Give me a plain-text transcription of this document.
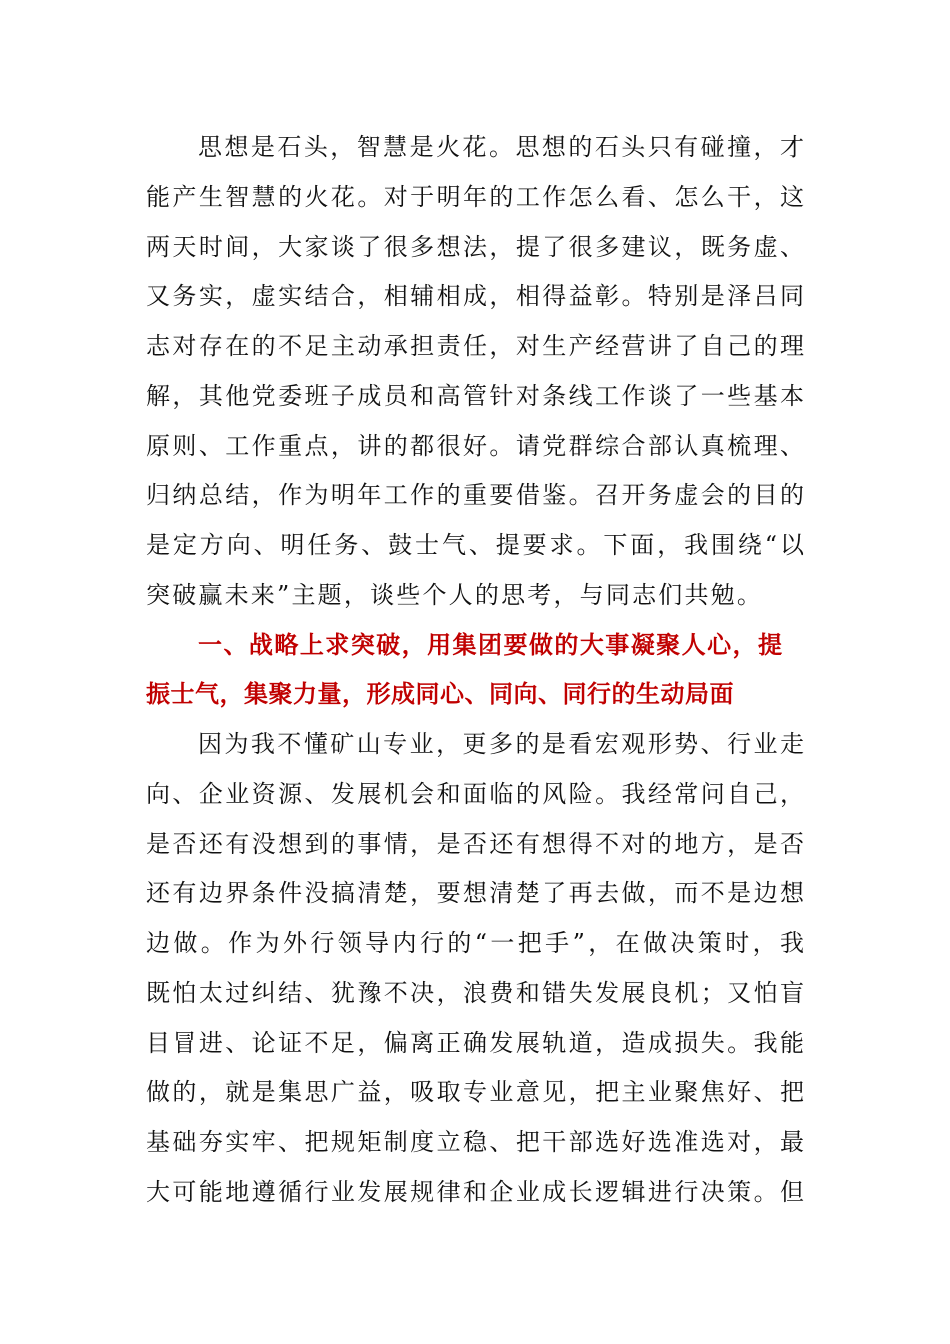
思想是石头，智慧是火花。思想的石头只有碰撞，才
能产生智慧的火花。对于明年的工作怎么看、怎么干，这
两天时间，大家谈了很多想法，提了很多建议，既务虚、
又务实，虚实结合，相辅相成，相得益彰。特别是泽吕同
志对存在的不足主动承担责任，对生产经营讲了自己的理
解，其他党委班子成员和高管针对条线工作谈了一些基本
原则、工作重点，讲的都很好。请党群综合部认真梳理、
归纳总结，作为明年工作的重要借鉴。召开务虚会的目的
是定方向、明任务、鼓士气、提要求。下面，我围绕“以
突破赢未来”主题，谈些个人的思考，与同志们共勉。
一、战略上求突破，用集团要做的大事凝聚人心，提
振士气，集聚力量，形成同心、同向、同行的生动局面
因为我不懂矿山专业，更多的是看宏观形势、行业走
向、企业资源、发展机会和面临的风险。我经常问自己，
是否还有没想到的事情，是否还有想得不对的地方，是否
还有边界条件没搞清楚，要想清楚了再去做，而不是边想
边做。作为外行领导内行的“一把手”，在做决策时，我
既怕太过纠结、犹豫不决，浪费和错失发展良机；又怕盲
目冒进、论证不足，偏离正确发展轨道，造成损失。我能
做的，就是集思广益，吸取专业意见，把主业聚焦好、把
基础夯实牢、把规矩制度立稳、把干部选好选准选对，最
大可能地遵循行业发展规律和企业成长逻辑进行决策。但
